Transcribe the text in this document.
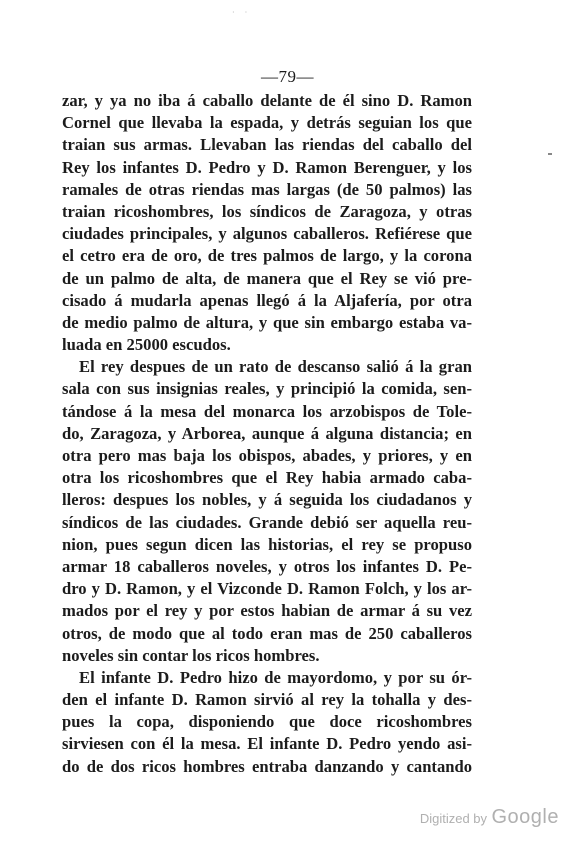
· ·
—79—
zar, y ya no iba á caballo delante de él sino D. Ramon
Cornel que llevaba la espada, y detrás seguian los que
traian sus armas. Llevaban las riendas del caballo del
Rey los infantes D. Pedro y D. Ramon Berenguer, y los
ramales de otras riendas mas largas (de 50 palmos) las
traian ricoshombres, los síndicos de Zaragoza, y otras
ciudades principales, y algunos caballeros. Refiérese que
el cetro era de oro, de tres palmos de largo, y la corona
de un palmo de alta, de manera que el Rey se vió pre-
cisado á mudarla apenas llegó á la Aljafería, por otra
de medio palmo de altura, y que sin embargo estaba va-
luada en 25000 escudos.
El rey despues de un rato de descanso salió á la gran
sala con sus insignias reales, y principió la comida, sen-
tándose á la mesa del monarca los arzobispos de Tole-
do, Zaragoza, y Arborea, aunque á alguna distancia; en
otra pero mas baja los obispos, abades, y priores, y en
otra los ricoshombres que el Rey habia armado caba-
lleros: despues los nobles, y á seguida los ciudadanos y
síndicos de las ciudades. Grande debió ser aquella reu-
nion, pues segun dicen las historias, el rey se propuso
armar 18 caballeros noveles, y otros los infantes D. Pe-
dro y D. Ramon, y el Vizconde D. Ramon Folch, y los ar-
mados por el rey y por estos habian de armar á su vez
otros, de modo que al todo eran mas de 250 caballeros
noveles sin contar los ricos hombres.
El infante D. Pedro hizo de mayordomo, y por su ór-
den el infante D. Ramon sirvió al rey la tohalla y des-
pues la copa, disponiendo que doce ricoshombres
sirviesen con él la mesa. El infante D. Pedro yendo asi-
do de dos ricos hombres entraba danzando y cantando
Digitized by Google
